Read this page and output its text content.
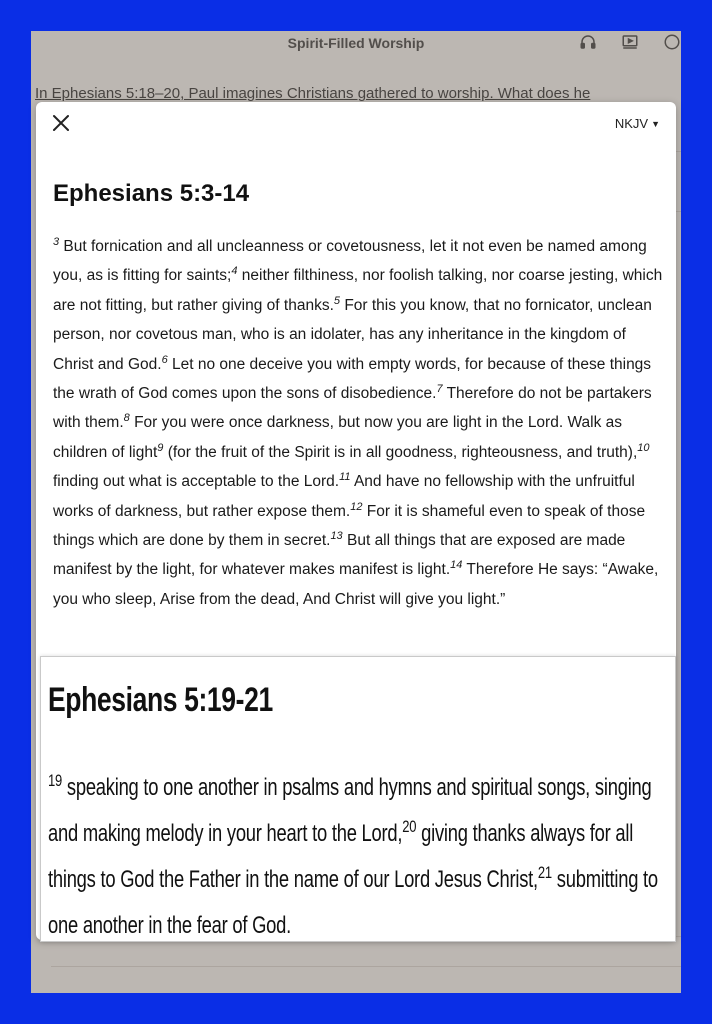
Spirit-Filled Worship
In Ephesians 5:18–20, Paul imagines Christians gathered to worship. What does he
NKJV ▼
Ephesians 5:3-14

$^3$ But fornication and all uncleanness or covetousness, let it not even be named among you, as is fitting for saints;$^4$ neither filthiness, nor foolish talking, nor coarse jesting, which are not fitting, but rather giving of thanks.$^5$ For this you know, that no fornicator, unclean person, nor covetous man, who is an idolater, has any inheritance in the kingdom of Christ and God.$^6$ Let no one deceive you with empty words, for because of these things the wrath of God comes upon the sons of disobedience.$^7$ Therefore do not be partakers with them.$^8$ For you were once darkness, but now you are light in the Lord. Walk as children of light$^9$ (for the fruit of the Spirit is in all goodness, righteousness, and truth),$^{10}$ finding out what is acceptable to the Lord.$^{11}$ And have no fellowship with the unfruitful works of darkness, but rather expose them.$^{12}$ For it is shameful even to speak of those things which are done by them in secret.$^{13}$ But all things that are exposed are made manifest by the light, for whatever makes manifest is light.$^{14}$ Therefore He says: “Awake, you who sleep, Arise from the dead, And Christ will give you light.”

Ephesians 5:19-21

$^{19}$ speaking to one another in psalms and hymns and spiritual songs, singing and making melody in your heart to the Lord,$^{20}$ giving thanks always for all things to God the Father in the name of our Lord Jesus Christ,$^{21}$ submitting to one another in the fear of God.
